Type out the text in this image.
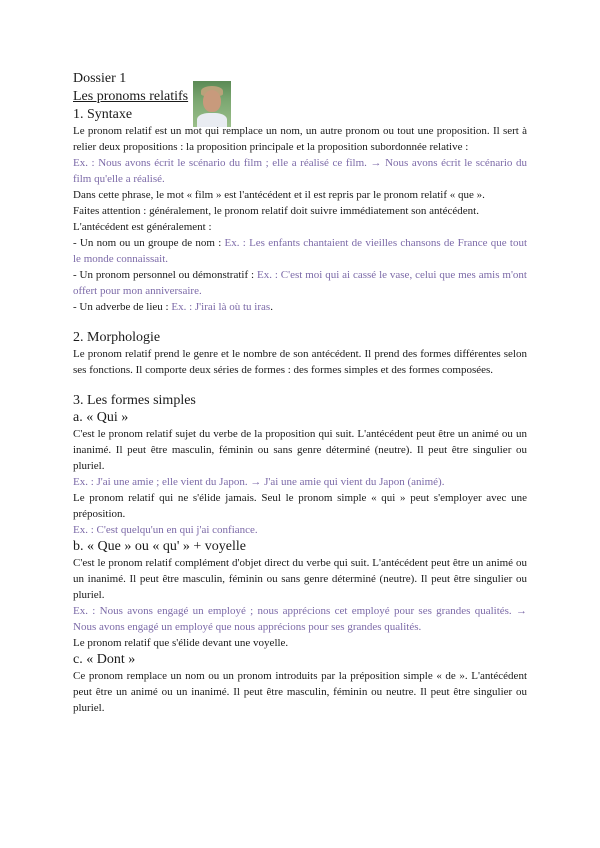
Dossier 1

Les pronoms relatifs

1. Syntaxe

Le pronom relatif est un mot qui remplace un nom, un autre pronom ou tout une proposition. Il sert à relier deux propositions : la proposition principale et la proposition subordonnée relative :

Ex. : Nous avons écrit le scénario du film ; elle a réalisé ce film. → Nous avons écrit le scénario du film qu'elle a réalisé.

Dans cette phrase, le mot « film » est l'antécédent et il est repris par le pronom relatif « que ».

Faites attention : généralement, le pronom relatif doit suivre immédiatement son antécédent.

L'antécédent est généralement :

- Un nom ou un groupe de nom : Ex. : Les enfants chantaient de vieilles chansons de France que tout le monde connaissait.

- Un pronom personnel ou démonstratif : Ex. : C'est moi qui ai cassé le vase, celui que mes amis m'ont offert pour mon anniversaire.

- Un adverbe de lieu : Ex. : J'irai là où tu iras.

2. Morphologie

Le pronom relatif prend le genre et le nombre de son antécédent. Il prend des formes différentes selon ses fonctions. Il comporte deux séries de formes : des formes simples et des formes composées.

3. Les formes simples

a. « Qui »

C'est le pronom relatif sujet du verbe de la proposition qui suit. L'antécédent peut être un animé ou un inanimé. Il peut être masculin, féminin ou sans genre déterminé (neutre). Il peut être singulier ou pluriel.

Ex. : J'ai une amie ; elle vient du Japon. → J'ai une amie qui vient du Japon (animé).

Le pronom relatif qui ne s'élide jamais. Seul le pronom simple « qui » peut s'employer avec une préposition.

Ex. : C'est quelqu'un en qui j'ai confiance.

b. « Que » ou « qu' » + voyelle

C'est le pronom relatif complément d'objet direct du verbe qui suit. L'antécédent peut être un animé ou un inanimé. Il peut être masculin, féminin ou sans genre déterminé (neutre). Il peut être singulier ou pluriel.

Ex. : Nous avons engagé un employé ; nous apprécions cet employé pour ses grandes qualités. → Nous avons engagé un employé que nous apprécions pour ses grandes qualités.

Le pronom relatif que s'élide devant une voyelle.

c. « Dont »

Ce pronom remplace un nom ou un pronom introduits par la préposition simple « de ». L'antécédent peut être un animé ou un inanimé. Il peut être masculin, féminin ou neutre. Il peut être singulier ou pluriel.
